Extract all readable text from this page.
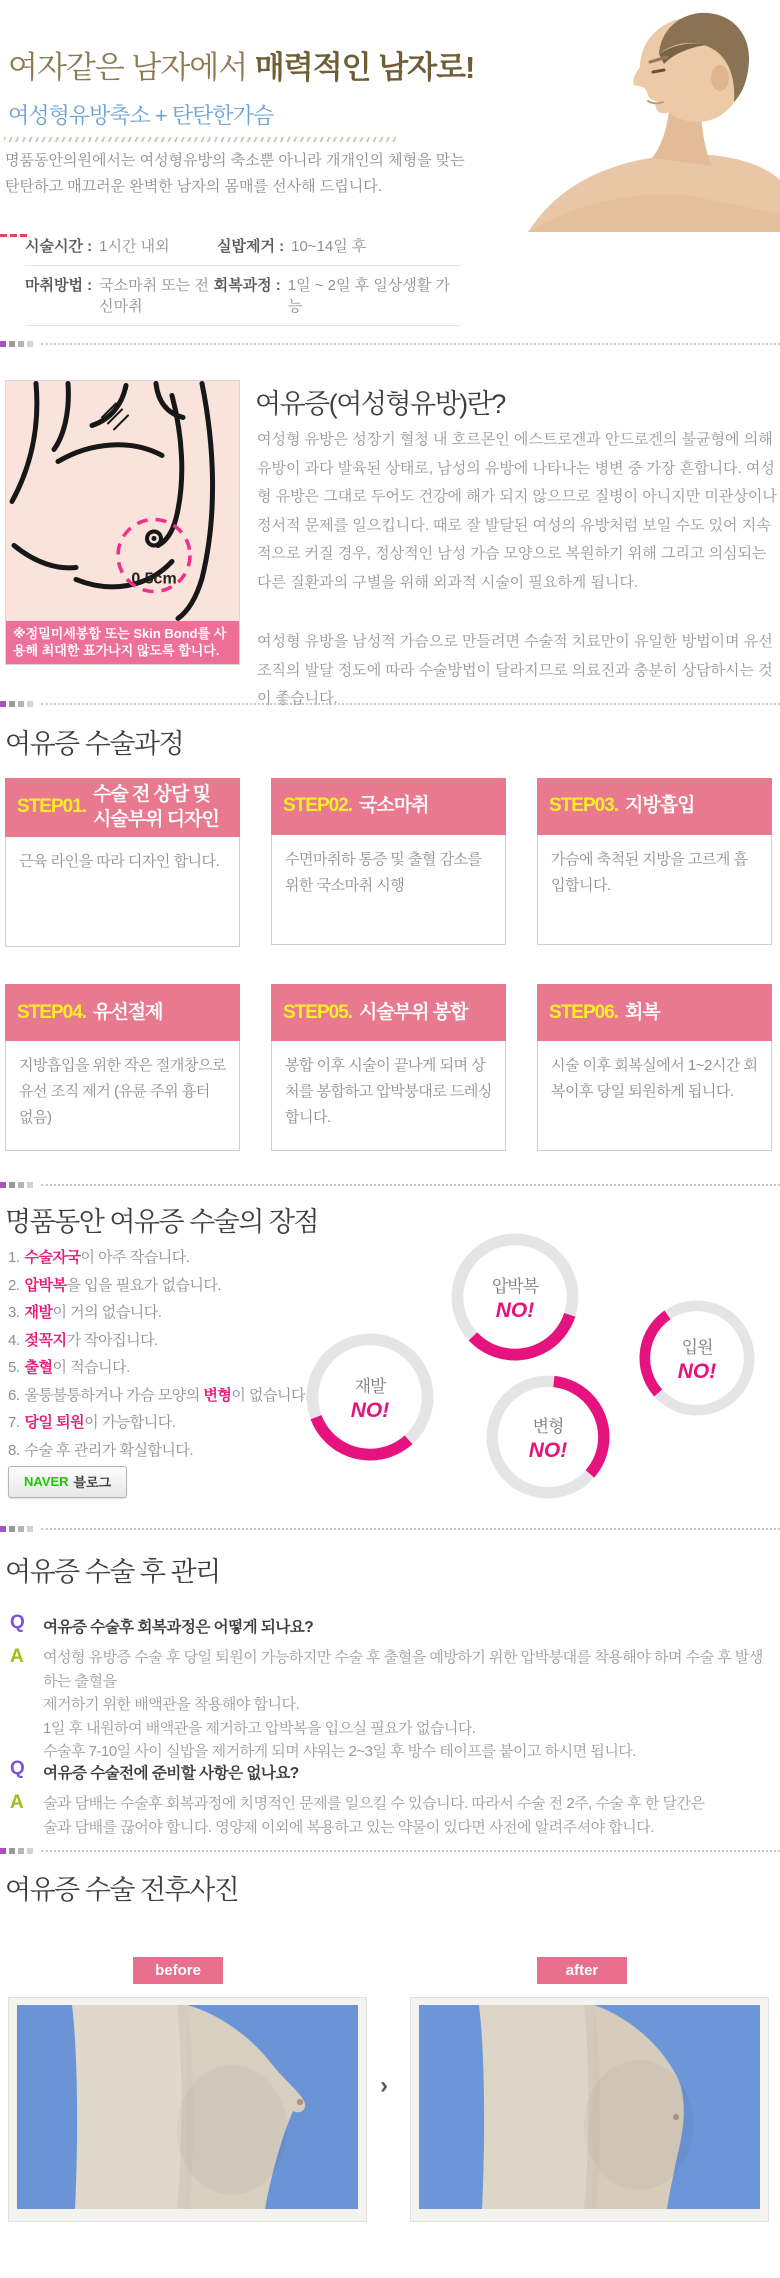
여자같은 남자에서 매력적인 남자로!
여성형유방축소 + 탄탄한가슴
명품동안의원에서는 여성형유방의 축소뿐 아니라 개개인의 체형을 맞는
탄탄하고 매끄러운 완벽한 남자의 몸매를 선사해 드립니다.
시술시간 : 1시간 내외	실밥제거 : 10~14일 후
마취방법 : 국소마취 또는 전신마취
회복과정 : 1일 ~ 2일 후 일상생활 가능
0.5cm
※정밀미세봉합 또는 Skin Bond를 사용해 최대한 표가나지 않도록 합니다.
여유증(여성형유방)란?
여성형 유방은 성장기 혈청 내 호르몬인 에스트로겐과 안드로겐의 불균형에 의해 유방이 과다 발육된 상태로, 남성의 유방에 나타나는 병변 중 가장 흔합니다. 여성형 유방은 그대로 두어도 건강에 해가 되지 않으므로 질병이 아니지만 미관상이나 정서적 문제를 일으킵니다. 때로 잘 발달된 여성의 유방처럼 보일 수도 있어 지속적으로 커질 경우, 정상적인 남성 가슴 모양으로 복원하기 위해 그리고 의심되는 다른 질환과의 구별을 위해 외과적 시술이 필요하게 됩니다.
여성형 유방을 남성적 가슴으로 만들려면 수술적 치료만이 유일한 방법이며 유선조직의 발달 정도에 따라 수술방법이 달라지므로 의료진과 충분히 상담하시는 것이 좋습니다.
여유증 수술과정
STEP01.
수술 전 상담 및 시술부위 디자인
근육 라인을 따라 디자인 합니다.
STEP02. 국소마취
수면마취하 통증 및 출혈 감소를 위한 국소마취 시행
STEP03. 지방흡입
가슴에 축척된 지방을 고르게 흡입합니다.
STEP04. 유선절제
지방흡입을 위한 작은 절개창으로 유선 조직 제거 (유륜 주위 흉터 없음)
STEP05. 시술부위 봉합
봉합 이후 시술이 끝나게 되며 상처를 봉합하고 압박붕대로 드레싱합니다.
STEP06. 회복
시술 이후 회복실에서 1~2시간 회복이후 당일 퇴원하게 됩니다.
명품동안 여유증 수술의 장점
1. 수술자국이 아주 작습니다.
2. 압박복을 입을 필요가 없습니다.
3. 재발이 거의 없습니다.
4. 젖꼭지가 작아집니다.
5. 출혈이 적습니다.
6. 울퉁불퉁하거나 가슴 모양의 변형이 없습니다.
7. 당일 퇴원이 가능합니다.
8. 수술 후 관리가 확실합니다.
NAVER 블로그
압박복
NO!
재발
NO!
변형
NO!
입원
NO!
여유증 수술 후 관리
Q 여유증 수술후 회복과정은 어떻게 되나요?
A 여성형 유방증 수술 후 당일 퇴원이 가능하지만 수술 후 출혈을 예방하기 위한 압박붕대를 착용해야 하며 수술 후 발생하는 출혈을
제거하기 위한 배액관을 착용해야 합니다.
1일 후 내원하여 배액관을 제거하고 압박복을 입으실 필요가 없습니다.
수술후 7-10일 사이 실밥을 제거하게 되며 샤워는 2~3일 후 방수 테이프를 붙이고 하시면 됩니다.
Q 여유증 수술전에 준비할 사항은 없나요?
A 술과 담배는 수술후 회복과정에 치명적인 문제를 일으킬 수 있습니다. 따라서 수술 전 2주, 수술 후 한 달간은
술과 담배를 끊어야 합니다. 영양제 이외에 복용하고 있는 약물이 있다면 사전에 알려주셔야 합니다.
여유증 수술 전후사진
before	after
›
